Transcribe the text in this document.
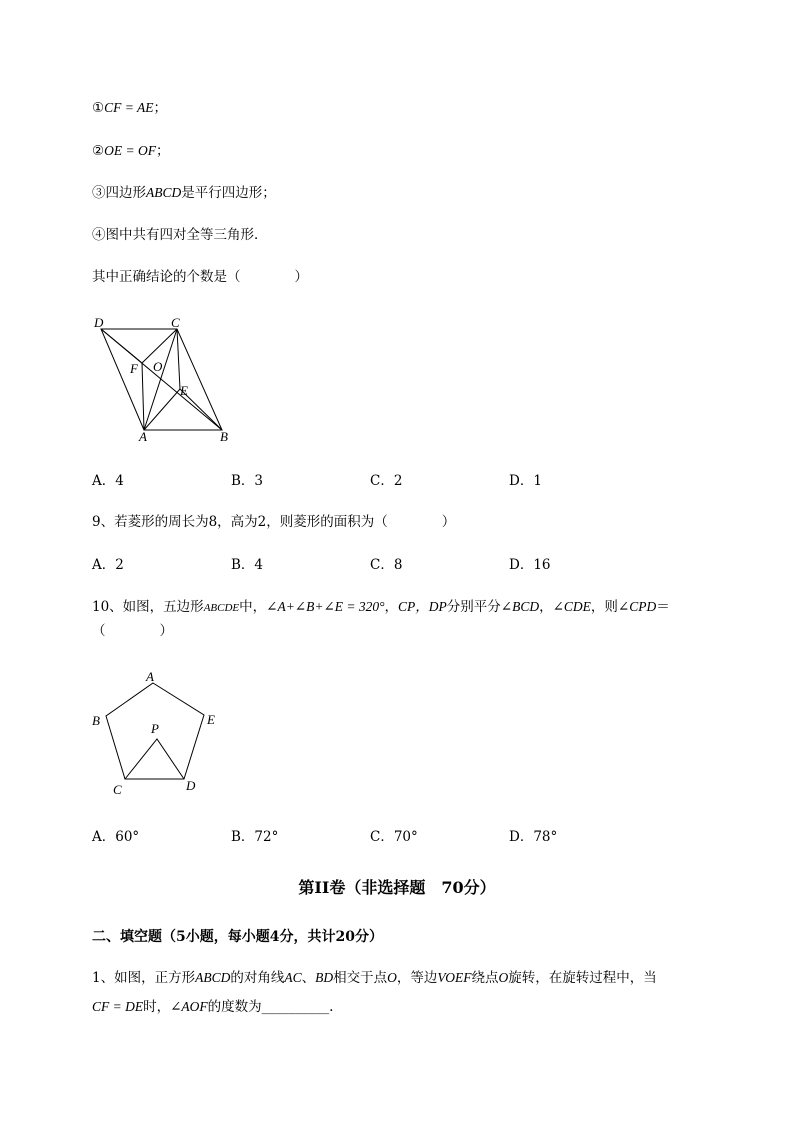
①CF = AE；
②OE = OF；
③四边形ABCD是平行四边形；
④图中共有四对全等三角形．
其中正确结论的个数是（　　　　）
D	C
F O
E
A	B
A．4	B．3	C．2	D．1
9、若菱形的周长为8，高为2，则菱形的面积为（　　　　）
A．2	B．4	C．8	D．16
10、如图，五边形ABCDE中，∠A+∠B+∠E = 320°，CP，DP分别平分∠BCD，∠CDE，则∠CPD＝
（　　　　）
A
B	E
P
C	D
A．60°	B．72°	C．70°	D．78°
第II卷（非选择题　70分）
二、填空题（5小题，每小题4分，共计20分）
1、如图，正方形ABCD的对角线AC、BD相交于点O，等边VOEF绕点O旋转，在旋转过程中，当
CF = DE时，∠AOF的度数为__________.
